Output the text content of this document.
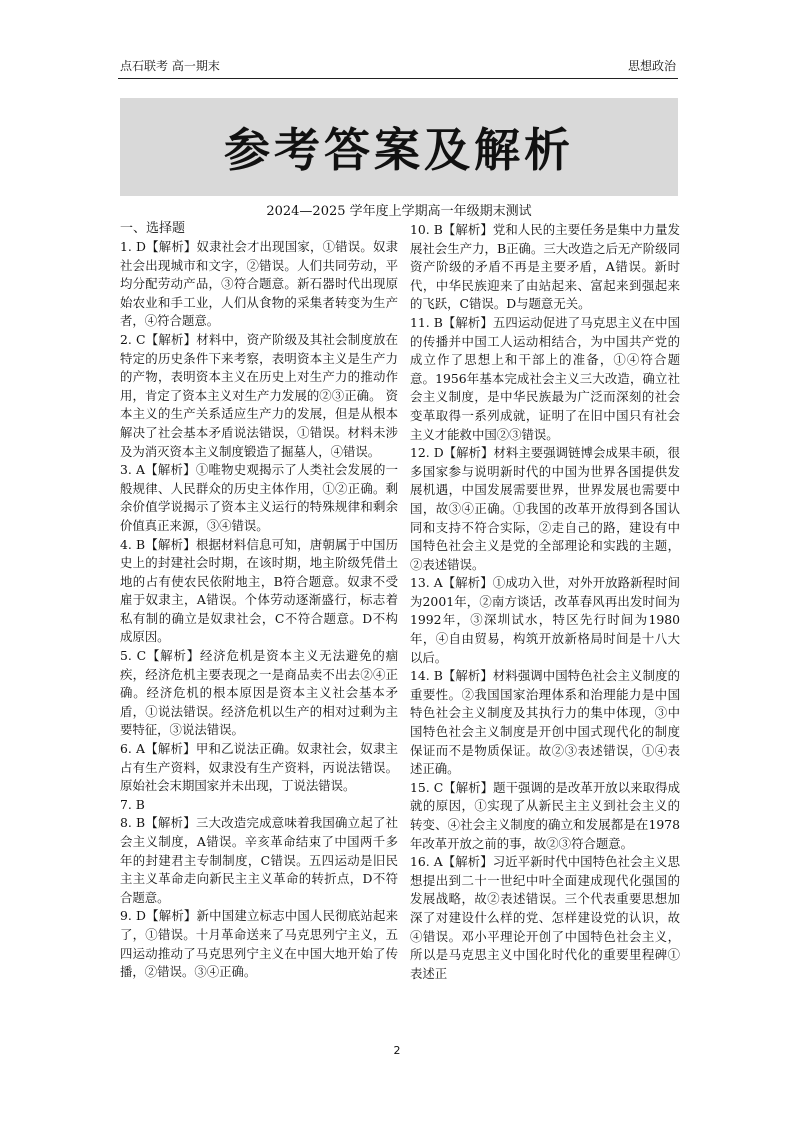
点石联考 高一期末	思想政治
参考答案及解析
2024—2025 学年度上学期高一年级期末测试
一、选择题

1. D【解析】奴隶社会才出现国家，①错误。奴隶社会出现城市和文字，②错误。人们共同劳动，平均分配劳动产品，③符合题意。新石器时代出现原始农业和手工业，人们从食物的采集者转变为生产者，④符合题意。

2. C【解析】材料中，资产阶级及其社会制度放在特定的历史条件下来考察，表明资本主义是生产力的产物，表明资本主义在历史上对生产力的推动作用，肯定了资本主义对生产力发展的②③正确。 资本主义的生产关系适应生产力的发展，但是从根本解决了社会基本矛盾说法错误，①错误。材料未涉及为消灭资本主义制度锻造了掘墓人，④错误。

3. A【解析】①唯物史观揭示了人类社会发展的一般规律、人民群众的历史主体作用，①②正确。剩余价值学说揭示了资本主义运行的特殊规律和剩余价值真正来源，③④错误。

4. B【解析】根据材料信息可知，唐朝属于中国历史上的封建社会时期，在该时期，地主阶级凭借土地的占有使农民依附地主，B符合题意。奴隶不受雇于奴隶主，A错误。个体劳动逐渐盛行，标志着私有制的确立是奴隶社会，C不符合题意。D不构成原因。

5. C【解析】经济危机是资本主义无法避免的痼疾，经济危机主要表现之一是商品卖不出去②④正确。经济危机的根本原因是资本主义社会基本矛盾，①说法错误。经济危机以生产的相对过剩为主要特征，③说法错误。

6. A【解析】甲和乙说法正确。奴隶社会，奴隶主占有生产资料，奴隶没有生产资料，丙说法错误。原始社会末期国家并未出现，丁说法错误。

7. B

8. B【解析】三大改造完成意味着我国确立起了社会主义制度，A错误。辛亥革命结束了中国两千多年的封建君主专制制度，C错误。五四运动是旧民主主义革命走向新民主主义革命的转折点，D不符合题意。

9. D【解析】新中国建立标志中国人民彻底站起来了，①错误。十月革命送来了马克思列宁主义，五四运动推动了马克思列宁主义在中国大地开始了传播，②错误。③④正确。

10. B【解析】党和人民的主要任务是集中力量发展社会生产力，B正确。三大改造之后无产阶级同资产阶级的矛盾不再是主要矛盾，A错误。新时代，中华民族迎来了由站起来、富起来到强起来的飞跃，C错误。D与题意无关。

11. B【解析】五四运动促进了马克思主义在中国的传播并中国工人运动相结合，为中国共产党的成立作了思想上和干部上的准备，①④符合题意。1956年基本完成社会主义三大改造，确立社会主义制度，是中华民族最为广泛而深刻的社会变革取得一系列成就，证明了在旧中国只有社会主义才能救中国②③错误。

12. D【解析】材料主要强调链博会成果丰硕，很多国家参与说明新时代的中国为世界各国提供发展机遇，中国发展需要世界，世界发展也需要中国，故③④正确。①我国的改革开放得到各国认同和支持不符合实际，②走自己的路，建设有中国特色社会主义是党的全部理论和实践的主题，②表述错误。

13. A【解析】①成功入世，对外开放路新程时间为2001年，②南方谈话，改革春风再出发时间为1992年，③深圳试水，特区先行时间为1980年，④自由贸易，构筑开放新格局时间是十八大以后。

14. B【解析】材料强调中国特色社会主义制度的重要性。②我国国家治理体系和治理能力是中国特色社会主义制度及其执行力的集中体现，③中国特色社会主义制度是开创中国式现代化的制度保证而不是物质保证。故②③表述错误，①④表述正确。

15. C【解析】题干强调的是改革开放以来取得成就的原因，①实现了从新民主主义到社会主义的转变、④社会主义制度的确立和发展都是在1978年改革开放之前的事，故②③符合题意。

16. A【解析】习近平新时代中国特色社会主义思想提出到二十一世纪中叶全面建成现代化强国的发展战略，故②表述错误。三个代表重要思想加深了对建设什么样的党、怎样建设党的认识，故④错误。邓小平理论开创了中国特色社会主义，所以是马克思主义中国化时代化的重要里程碑①表述正

2
